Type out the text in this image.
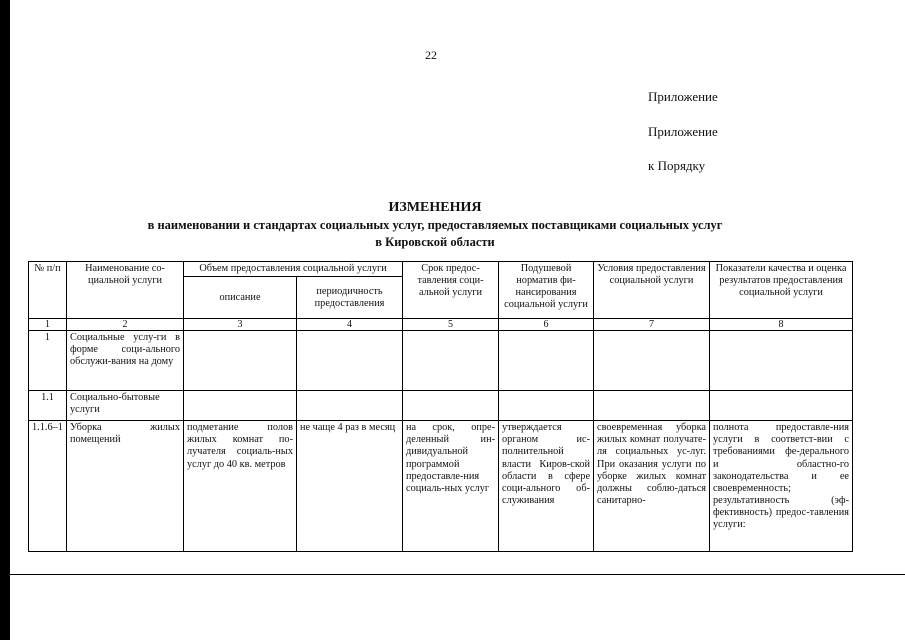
22
Приложение
Приложение
к Порядку
ИЗМЕНЕНИЯ
в наименовании и стандартах социальных услуг, предоставляемых поставщиками социальных услуг
в Кировской области
№ п/п	Наименование со-циальной услуги	Объем предоставления социальной услуги		Срок предос-тавления соци-альной услуги	Подушевой норматив фи-нансирования социальной услуги	Условия предоставления социальной услуги	Показатели качества и оценка результатов предоставления социальной услуги
		описание	периодичность предоставления				
1	2	3	4	5	6	7	8
1	Социальные услу-ги в форме соци-ального обслужи-вания на дому						
1.1	Социально-бытовые услуги						
1.1.6–1	Уборка жилых помещений	подметание полов жилых комнат по-лучателя социаль-ных услуг до 40 кв. метров	не чаще 4 раз в месяц	на срок, опре-деленный ин-дивидуальной программой предоставле-ния социаль-ных услуг	утверждается органом ис-полнительной власти Киров-ской области в сфере соци-ального об-служивания	своевременная уборка жилых комнат получате-ля социальных ус-луг. При оказания услуги по уборке жилых комнат должны соблю-даться санитарно-	полнота предоставле-ния услуги в соответст-вии с требованиями фе-дерального и областно-го законодательства и ее своевременность; результативность (эф-фективность) предос-тавления услуги:
